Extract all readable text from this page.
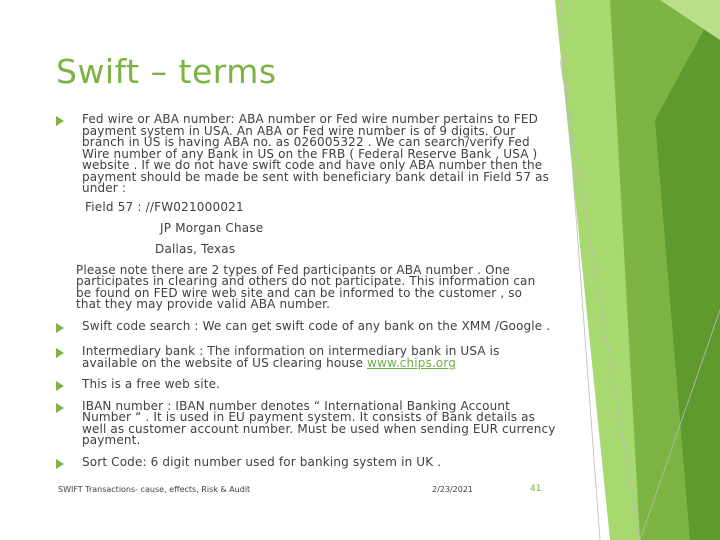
Swift – terms
Fed wire or ABA number: ABA number or Fed wire number pertains to FED payment system in USA. An ABA or Fed wire number is of 9 digits. Our branch in US is having ABA no. as 026005322 . We can search/verify Fed Wire number of any Bank in US on the FRB ( Federal Reserve Bank , USA ) website . If we do not have swift code and have only ABA number then the payment should be made be sent with beneficiary bank detail in Field 57 as under :
Field 57 : //FW021000021
JP Morgan Chase
Dallas, Texas
Please note there are 2 types of Fed participants or ABA number . One participates in clearing and others do not participate. This information can be found on FED wire web site and can be informed to the customer , so that they may provide valid ABA number.
Swift code search : We can get swift code of any bank on the XMM /Google .
Intermediary bank : The information on intermediary bank in USA is available on the website of US clearing house www.chips.org
This is a free web site.
IBAN number : IBAN number denotes “ International Banking Account Number “ . It is used in EU payment system. It consists of Bank details as well as customer account number. Must be used when sending EUR currency payment.
Sort Code: 6 digit number used for banking system in UK .
SWIFT Transactions- cause, effects, Risk & Audit	2/23/2021	41
